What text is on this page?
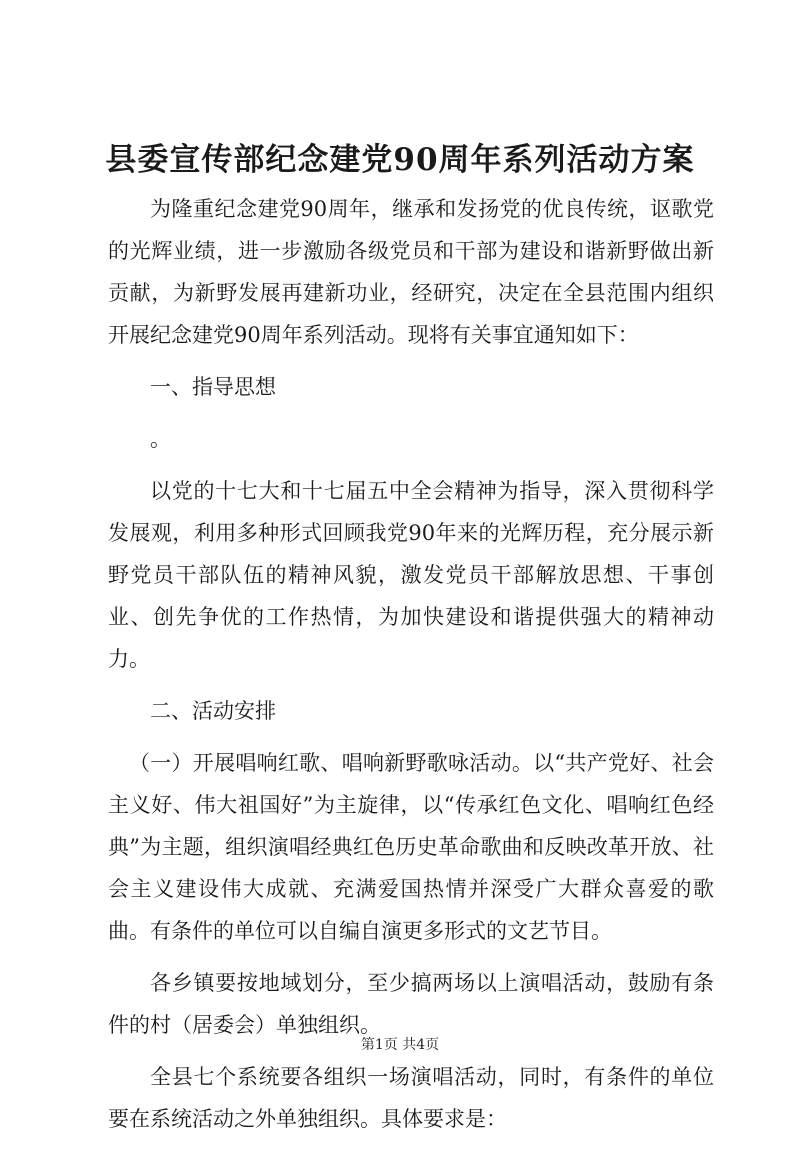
县委宣传部纪念建党90周年系列活动方案

为隆重纪念建党90周年，继承和发扬党的优良传统，讴歌党的光辉业绩，进一步激励各级党员和干部为建设和谐新野做出新贡献，为新野发展再建新功业，经研究，决定在全县范围内组织开展纪念建党90周年系列活动。现将有关事宜通知如下：

一、指导思想

。

以党的十七大和十七届五中全会精神为指导，深入贯彻科学发展观，利用多种形式回顾我党90年来的光辉历程，充分展示新野党员干部队伍的精神风貌，激发党员干部解放思想、干事创业、创先争优的工作热情，为加快建设和谐提供强大的精神动力。

二、活动安排

（一）开展唱响红歌、唱响新野歌咏活动。以“共产党好、社会主义好、伟大祖国好”为主旋律，以“传承红色文化、唱响红色经典”为主题，组织演唱经典红色历史革命歌曲和反映改革开放、社会主义建设伟大成就、充满爱国热情并深受广大群众喜爱的歌曲。有条件的单位可以自编自演更多形式的文艺节目。

各乡镇要按地域划分，至少搞两场以上演唱活动，鼓励有条件的村（居委会）单独组织。

全县七个系统要各组织一场演唱活动，同时，有条件的单位要在系统活动之外单独组织。具体要求是：

第1页 共4页
